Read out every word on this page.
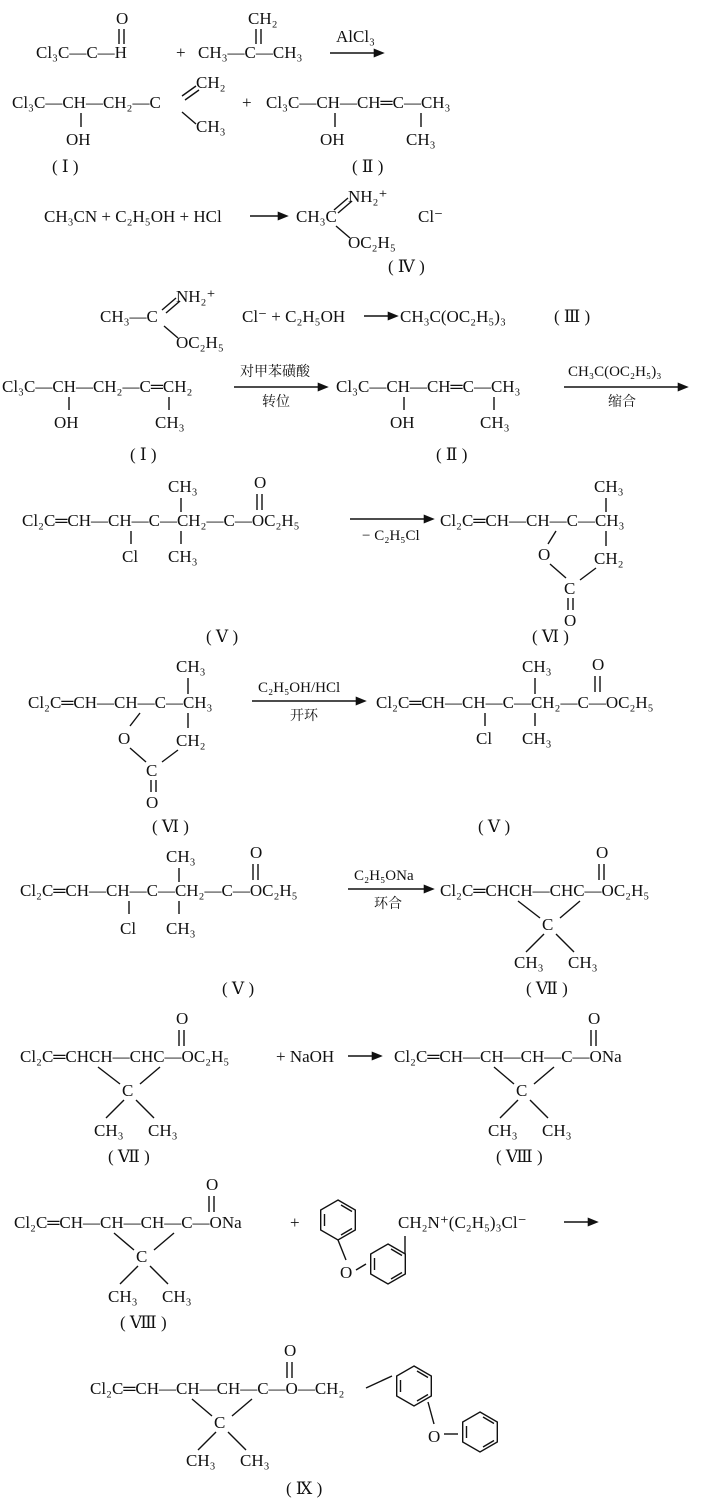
Cl₃C—C—H
O
+
CH₂
CH₃—C—CH₃
AlCl₃
Cl₃C—CH—CH₂—C
CH₂
CH₃
OH
+ Cl₃C—CH—CH═C—CH₃
OH	CH₃
( Ⅰ )	( Ⅱ )
CH₃CN + C₂H₅OH + HCl	CH₃C
NH₂⁺
OC₂H₅
Cl⁻
( Ⅳ )
CH₃—C
NH₂⁺
OC₂H₅
Cl⁻ + C₂H₅OH	CH₃C(OC₂H₅)₃	( Ⅲ )
Cl₃C—CH—CH₂—C═CH₂
OH	CH₃
对甲苯磺酸
转位
Cl₃C—CH—CH═C—CH₃
OH	CH₃
CH₃C(OC₂H₅)₃
缩合
( Ⅰ )	( Ⅱ )
Cl₂C═CH—CH—C—CH₂—C—OC₂H₅
CH₃
CH₃
Cl
O
− C₂H₅Cl
Cl₂C═CH—CH—C—CH₃
CH₃
O	CH₂
C
O
( Ⅴ )	( Ⅵ )
Cl₂C═CH—CH—C—CH₃
CH₃
O	CH₂
C
O
C₂H₅OH/HCl
开环
Cl₂C═CH—CH—C—CH₂—C—OC₂H₅
CH₃
CH₃
Cl
O
( Ⅵ )	( Ⅴ )
Cl₂C═CH—CH—C—CH₂—C—OC₂H₅
CH₃
CH₃
Cl
O
C₂H₅ONa
环合
Cl₂C═CHCH—CHC—OC₂H₅
O
C
CH₃ CH₃
( Ⅴ )	( Ⅶ )
Cl₂C═CHCH—CHC—OC₂H₅
O
C
CH₃ CH₃
+ NaOH	Cl₂C═CH—CH—CH—C—ONa
O
C
CH₃ CH₃
( Ⅶ )	( Ⅷ )
Cl₂C═CH—CH—CH—C—ONa
O
C
CH₃ CH₃
( Ⅷ )
+
O
CH₂N⁺(C₂H₅)₃Cl⁻
Cl₂C═CH—CH—CH—C—O—CH₂
O
C
CH₃ CH₃
O
( Ⅸ )
